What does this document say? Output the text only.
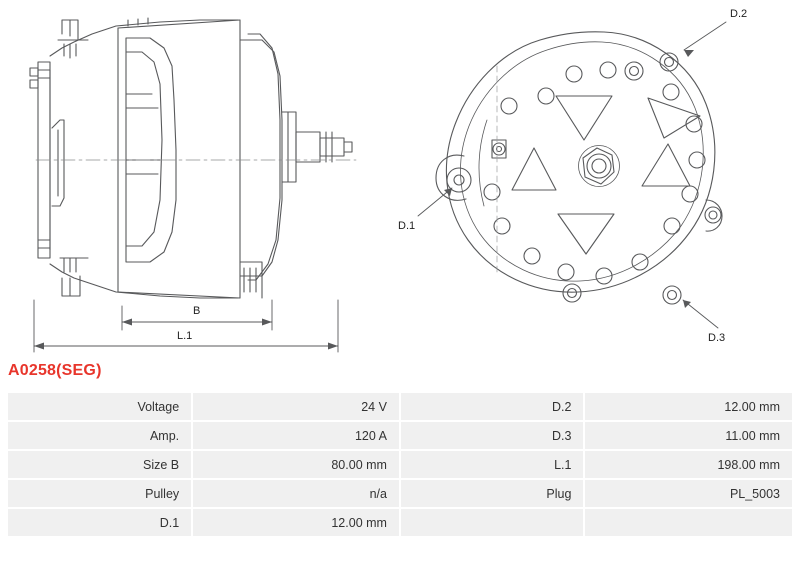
D.2
D.1
D.3
B
L.1
A0258(SEG)
Voltage	24 V	D.2	12.00 mm
Amp.	120 A	D.3	11.00 mm
Size B	80.00 mm	L.1	198.00 mm
Pulley	n/a	Plug	PL_5003
D.1	12.00 mm		
